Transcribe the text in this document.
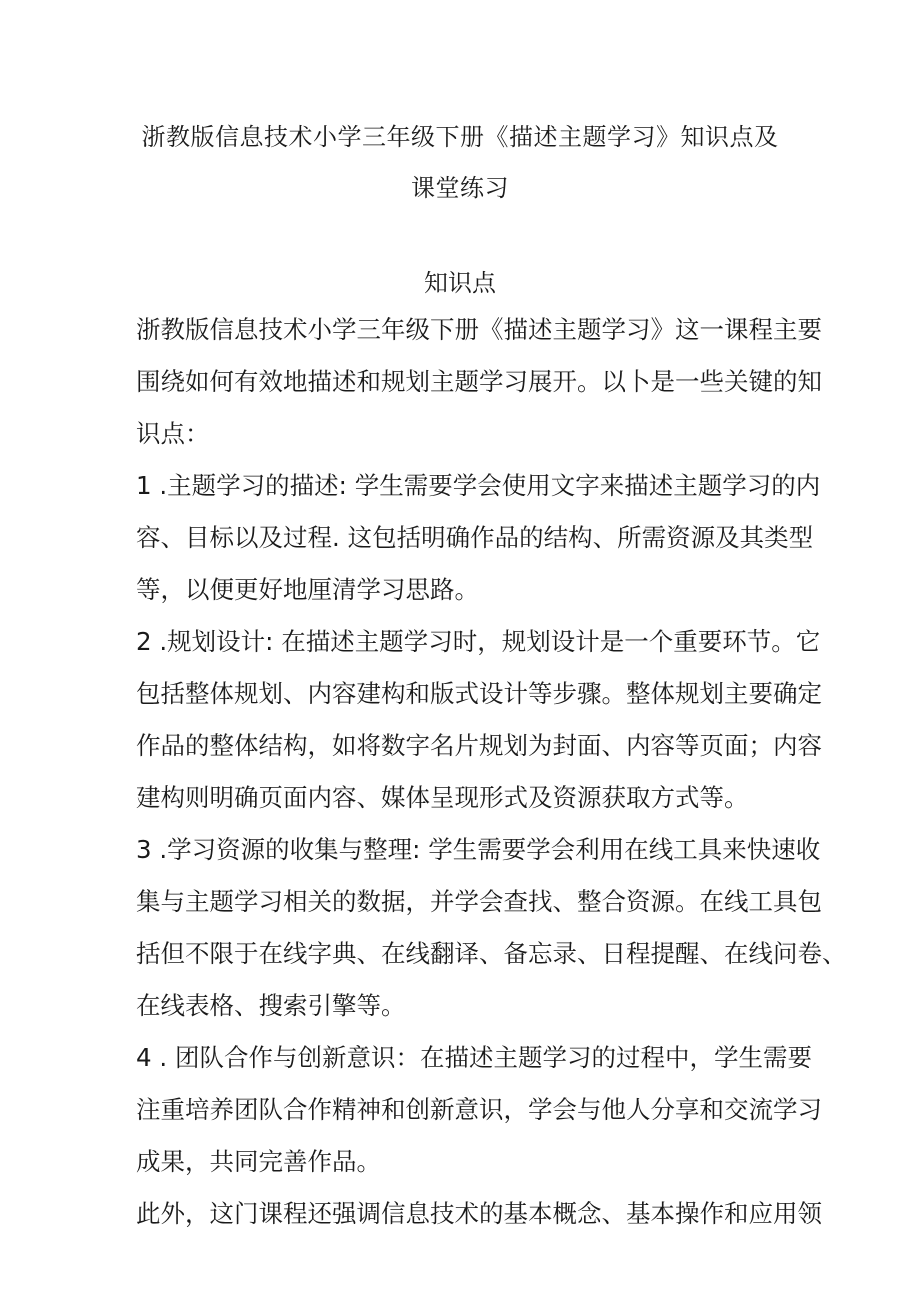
浙教版信息技术小学三年级下册《描述主题学习》知识点及
课堂练习
知识点
浙教版信息技术小学三年级下册《描述主题学习》这一课程主要
围绕如何有效地描述和规划主题学习展开。以卜是一些关键的知
识点：
1 .主题学习的描述: 学生需要学会使用文字来描述主题学习的内
容、目标以及过程. 这包括明确作品的结构、所需资源及其类型
等，以便更好地厘清学习思路。
2 .规划设计: 在描述主题学习时，规划设计是一个重要环节。它
包括整体规划、内容建构和版式设计等步骤。整体规划主要确定
作品的整体结构，如将数字名片规划为封面、内容等页面；内容
建构则明确页面内容、媒体呈现形式及资源获取方式等。
3 .学习资源的收集与整理: 学生需要学会利用在线工具来快速收
集与主题学习相关的数据，并学会查找、整合资源。在线工具包
括但不限于在线字典、在线翻译、备忘录、日程提醒、在线问卷、
在线表格、搜索引擎等。
4 . 团队合作与创新意识：在描述主题学习的过程中，学生需要
注重培养团队合作精神和创新意识，学会与他人分享和交流学习
成果，共同完善作品。
此外，这门课程还强调信息技术的基本概念、基本操作和应用领
